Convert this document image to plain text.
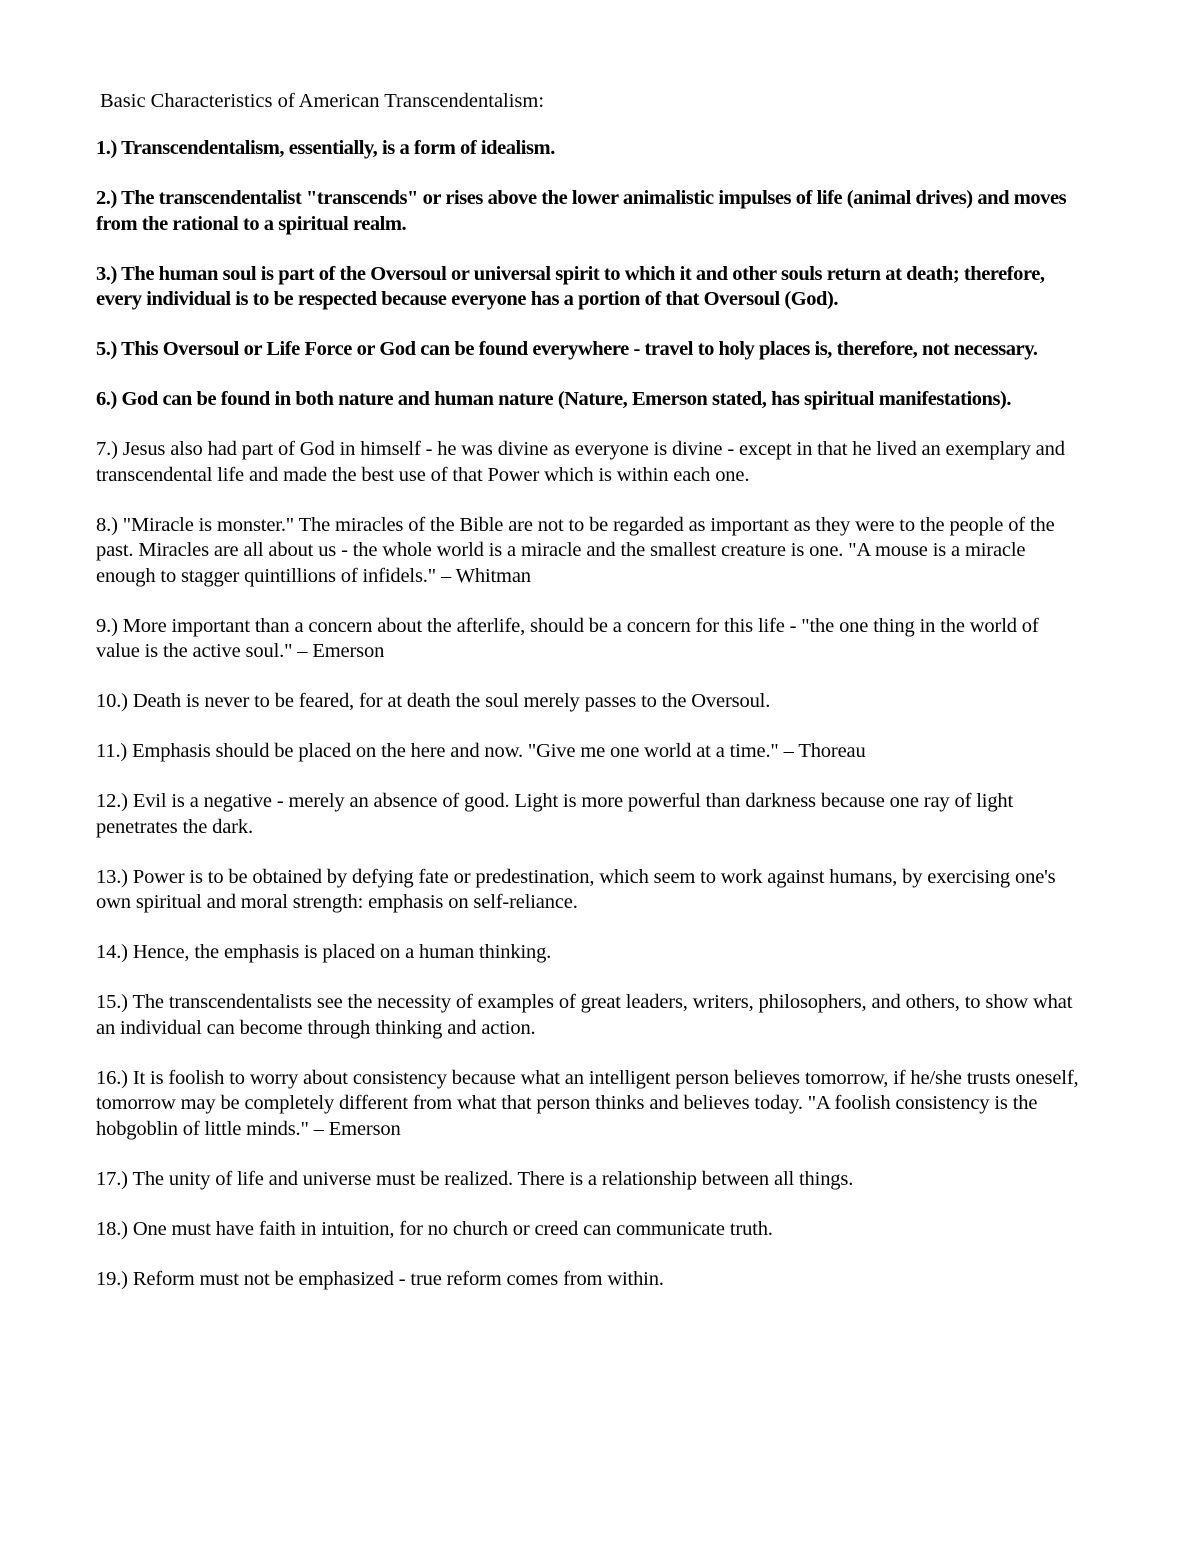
Basic Characteristics of American Transcendentalism:
1.) Transcendentalism, essentially, is a form of idealism.
2.) The transcendentalist "transcends" or rises above the lower animalistic impulses of life (animal drives) and moves from the rational to a spiritual realm.
3.) The human soul is part of the Oversoul or universal spirit to which it and other souls return at death; therefore, every individual is to be respected because everyone has a portion of that Oversoul (God).
5.) This Oversoul or Life Force or God can be found everywhere - travel to holy places is, therefore, not necessary.
6.) God can be found in both nature and human nature (Nature, Emerson stated, has spiritual manifestations).
7.) Jesus also had part of God in himself - he was divine as everyone is divine - except in that he lived an exemplary and transcendental life and made the best use of that Power which is within each one.
8.) "Miracle is monster." The miracles of the Bible are not to be regarded as important as they were to the people of the past. Miracles are all about us - the whole world is a miracle and the smallest creature is one. "A mouse is a miracle enough to stagger quintillions of infidels." – Whitman
9.) More important than a concern about the afterlife, should be a concern for this life - "the one thing in the world of value is the active soul." – Emerson
10.) Death is never to be feared, for at death the soul merely passes to the Oversoul.
11.) Emphasis should be placed on the here and now. "Give me one world at a time." – Thoreau
12.) Evil is a negative - merely an absence of good. Light is more powerful than darkness because one ray of light penetrates the dark.
13.) Power is to be obtained by defying fate or predestination, which seem to work against humans, by exercising one's own spiritual and moral strength: emphasis on self-reliance.
14.) Hence, the emphasis is placed on a human thinking.
15.) The transcendentalists see the necessity of examples of great leaders, writers, philosophers, and others, to show what an individual can become through thinking and action.
16.) It is foolish to worry about consistency because what an intelligent person believes tomorrow, if he/she trusts oneself, tomorrow may be completely different from what that person thinks and believes today. "A foolish consistency is the hobgoblin of little minds." – Emerson
17.) The unity of life and universe must be realized. There is a relationship between all things.
18.) One must have faith in intuition, for no church or creed can communicate truth.
19.) Reform must not be emphasized - true reform comes from within.
